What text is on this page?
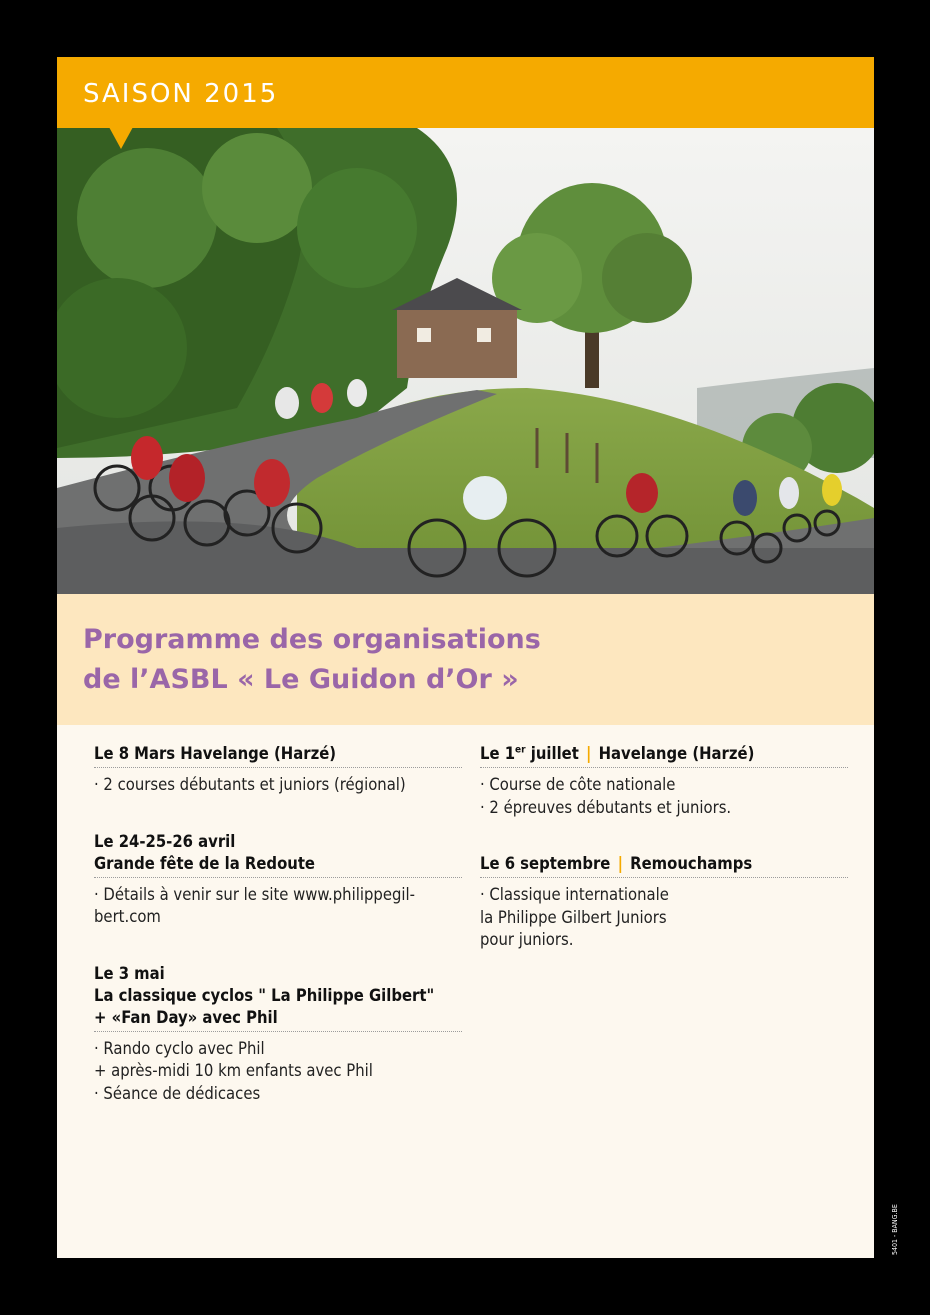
SAISON 2015
Programme des organisations
de l’ASBL « Le Guidon d’Or »
Le 8 Mars Havelange (Harzé)
· 2 courses débutants et juniors (régional)
Le 24-25-26 avril
Grande fête de la Redoute
· Détails à venir sur le site www.philippegil-
bert.com
Le 3 mai
La classique cyclos " La Philippe Gilbert"
+ «Fan Day» avec Phil
· Rando cyclo avec Phil
+ après-midi 10 km enfants avec Phil
· Séance de dédicaces
Le 1er juillet | Havelange (Harzé)
· Course de côte nationale
· 2 épreuves débutants et juniors.
Le 6 septembre | Remouchamps
· Classique internationale
la Philippe Gilbert Juniors
pour juniors.
5401 - BANG.BE
